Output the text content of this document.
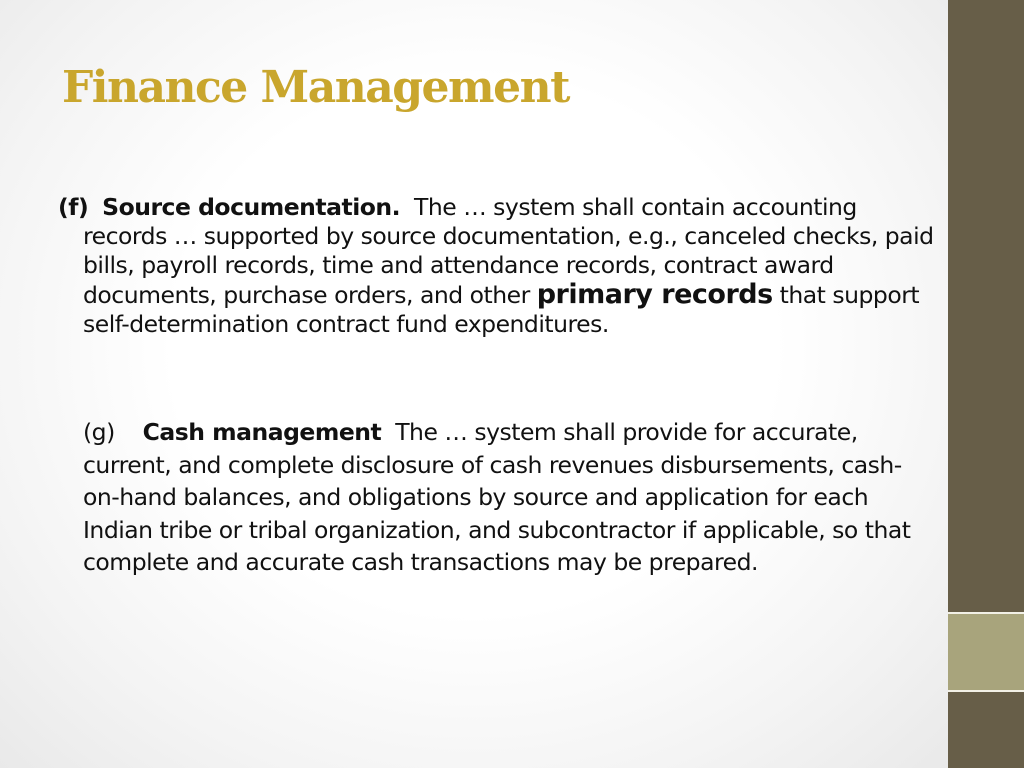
Finance Management

(f) Source documentation. The … system shall contain accounting records … supported by source documentation, e.g., canceled checks, paid bills, payroll records, time and attendance records, contract award documents, purchase orders, and other primary records that support self-determination contract fund expenditures.

(g) Cash management The … system shall provide for accurate, current, and complete disclosure of cash revenues disbursements, cash-on-hand balances, and obligations by source and application for each Indian tribe or tribal organization, and subcontractor if applicable, so that complete and accurate cash transactions may be prepared.
